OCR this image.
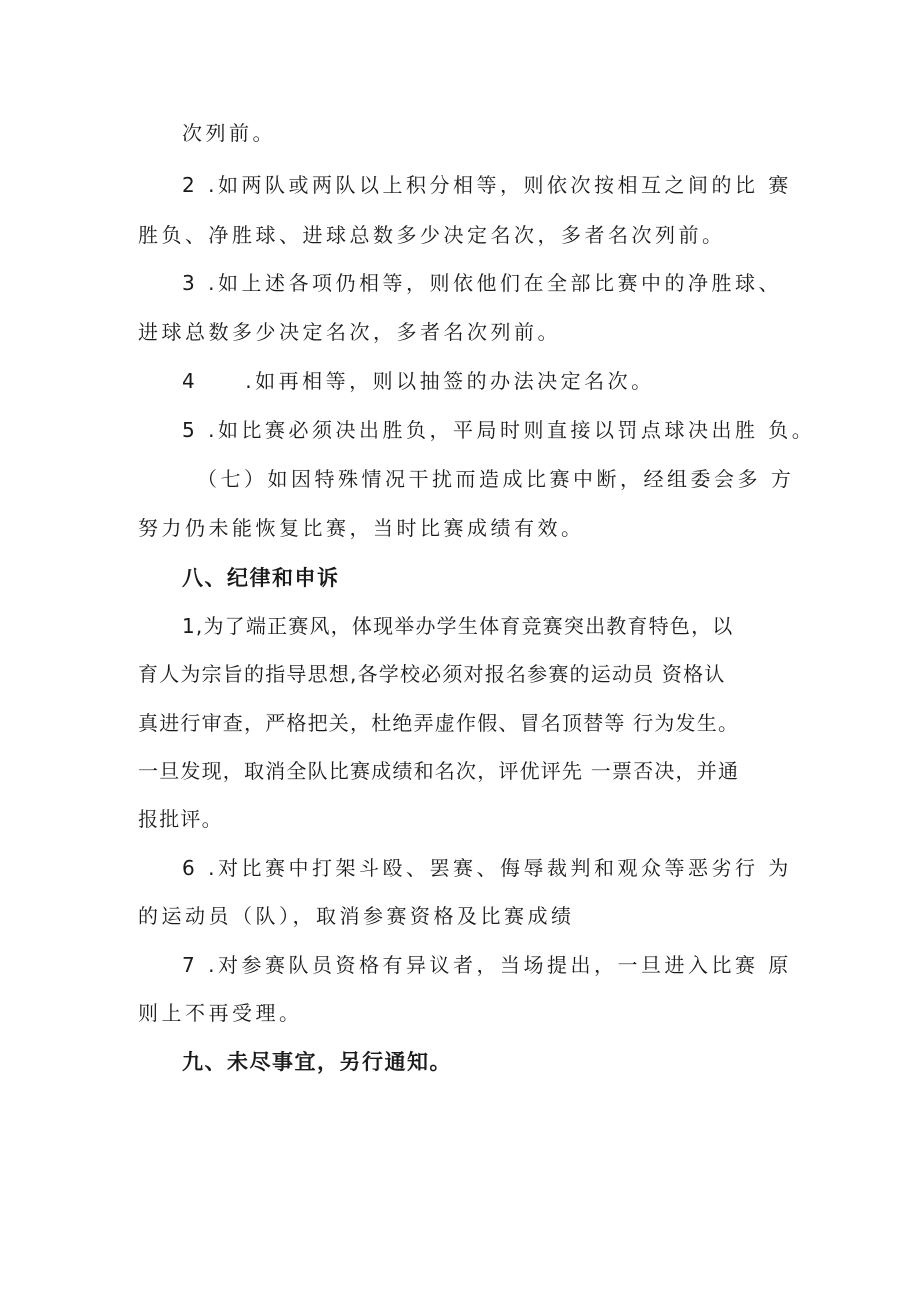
次列前。
2 .如两队或两队以上积分相等，则依次按相互之间的比 赛
胜负、净胜球、进球总数多少决定名次，多者名次列前。
3 .如上述各项仍相等，则依他们在全部比赛中的净胜球、
进球总数多少决定名次，多者名次列前。
4　　.如再相等，则以抽签的办法决定名次。
5 .如比赛必须决出胜负，平局时则直接以罚点球决出胜 负。
（七）如因特殊情况干扰而造成比赛中断，经组委会多 方
努力仍未能恢复比赛，当时比赛成绩有效。
八、纪律和申诉
1,为了端正赛风，体现举办学生体育竞赛突出教育特色，以
育人为宗旨的指导思想,各学校必须对报名参赛的运动员 资格认
真进行审查，严格把关，杜绝弄虚作假、冒名顶替等 行为发生。
一旦发现，取消全队比赛成绩和名次，评优评先 一票否决，并通
报批评。
6 .对比赛中打架斗殴、罢赛、侮辱裁判和观众等恶劣行 为
的运动员（队），取消参赛资格及比赛成绩
7 .对参赛队员资格有异议者，当场提出，一旦进入比赛 原
则上不再受理。
九、未尽事宜，另行通知。
